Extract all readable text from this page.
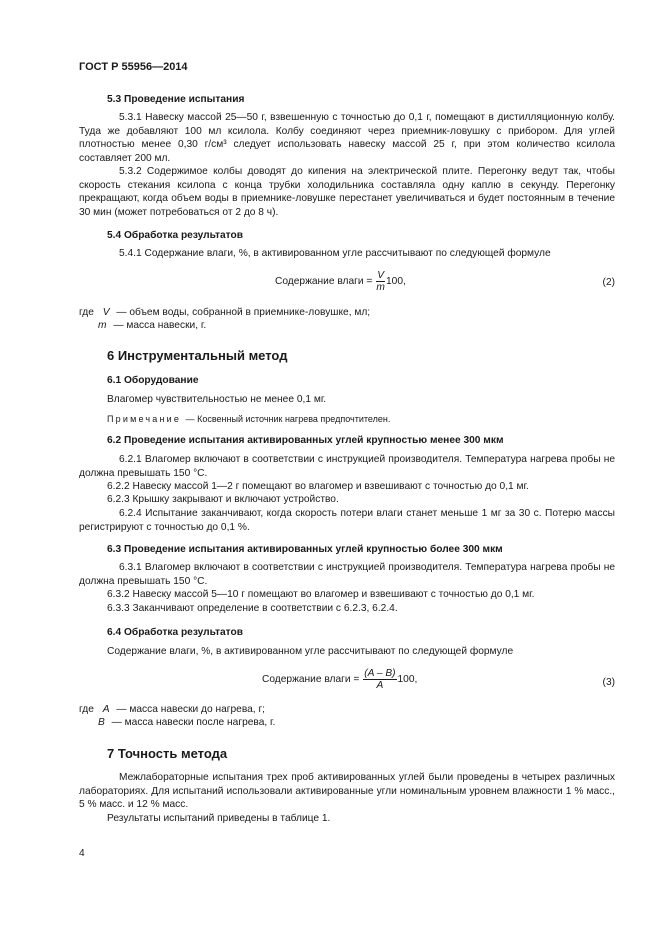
ГОСТ Р 55956—2014
5.3 Проведение испытания
5.3.1 Навеску массой 25—50 г, взвешенную с точностью до 0,1 г, помещают в дистилляционную колбу. Туда же добавляют 100 мл ксилола. Колбу соединяют через приемник-ловушку с прибором. Для углей плотностью менее 0,30 г/см³ следует использовать навеску массой 25 г, при этом количество ксилола составляет 200 мл.
5.3.2 Содержимое колбы доводят до кипения на электрической плите. Перегонку ведут так, чтобы скорость стекания ксилопа с конца трубки холодильника составляла одну каплю в секунду. Перегонку прекращают, когда объем воды в приемнике-ловушке перестанет увеличиваться и будет постоянным в течение 30 мин (может потребоваться от 2 до 8 ч).
5.4 Обработка результатов
5.4.1 Содержание влаги, %, в активированном угле рассчитывают по следующей формуле
Содержание влаги = $\frac{V}{m} 100$,	(2)
где V — объем воды, собранной в приемнике-ловушке, мл;
m — масса навески, г.
6 Инструментальный метод
6.1 Оборудование
Влагомер чувствительностью не менее 0,1 мг.
Примечание — Косвенный источник нагрева предпочтителен.
6.2 Проведение испытания активированных углей крупностью менее 300 мкм
6.2.1 Влагомер включают в соответствии с инструкцией производителя. Температура нагрева пробы не должна превышать 150 °С.
6.2.2 Навеску массой 1—2 г помещают во влагомер и взвешивают с точностью до 0,1 мг.
6.2.3 Крышку закрывают и включают устройство.
6.2.4 Испытание заканчивают, когда скорость потери влаги станет меньше 1 мг за 30 с. Потерю массы регистрируют с точностью до 0,1 %.
6.3 Проведение испытания активированных углей крупностью более 300 мкм
6.3.1 Влагомер включают в соответствии с инструкцией производителя. Температура нагрева пробы не должна превышать 150 °С.
6.3.2 Навеску массой 5—10 г помещают во влагомер и взвешивают с точностью до 0,1 мг.
6.3.3 Заканчивают определение в соответствии с 6.2.3, 6.2.4.
6.4 Обработка результатов
Содержание влаги, %, в активированном угле рассчитывают по следующей формуле
Содержание влаги = $\frac{(A - B)}{A} 100$,	(3)
где A — масса навески до нагрева, г;
B — масса навески после нагрева, г.
7 Точность метода
Межлабораторные испытания трех проб активированных углей были проведены в четырех различных лабораториях. Для испытаний использовали активированные угли номинальным уровнем влажности 1 % масс., 5 % масс. и 12 % масс.
Результаты испытаний приведены в таблице 1.
4
